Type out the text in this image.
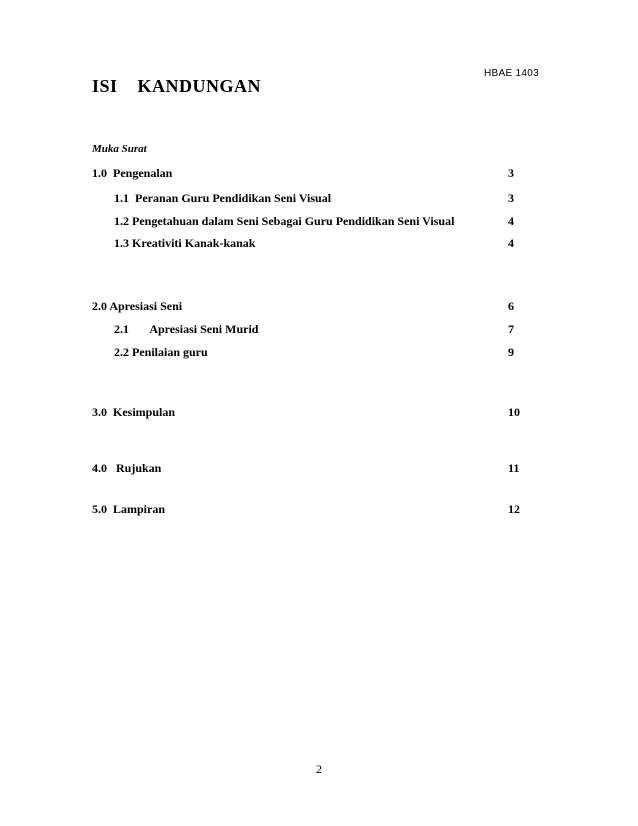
HBAE 1403
ISI    KANDUNGAN
Muka Surat
1.0  Pengenalan	3
1.1  Peranan Guru Pendidikan Seni Visual	3
1.2 Pengetahuan dalam Seni Sebagai Guru Pendidikan Seni Visual	4
1.3 Kreativiti Kanak-kanak	4
2.0 Apresiasi Seni	6
2.1       Apresiasi Seni Murid	7
2.2 Penilaian guru	9
3.0  Kesimpulan	10
4.0   Rujukan	11
5.0  Lampiran	12
2
